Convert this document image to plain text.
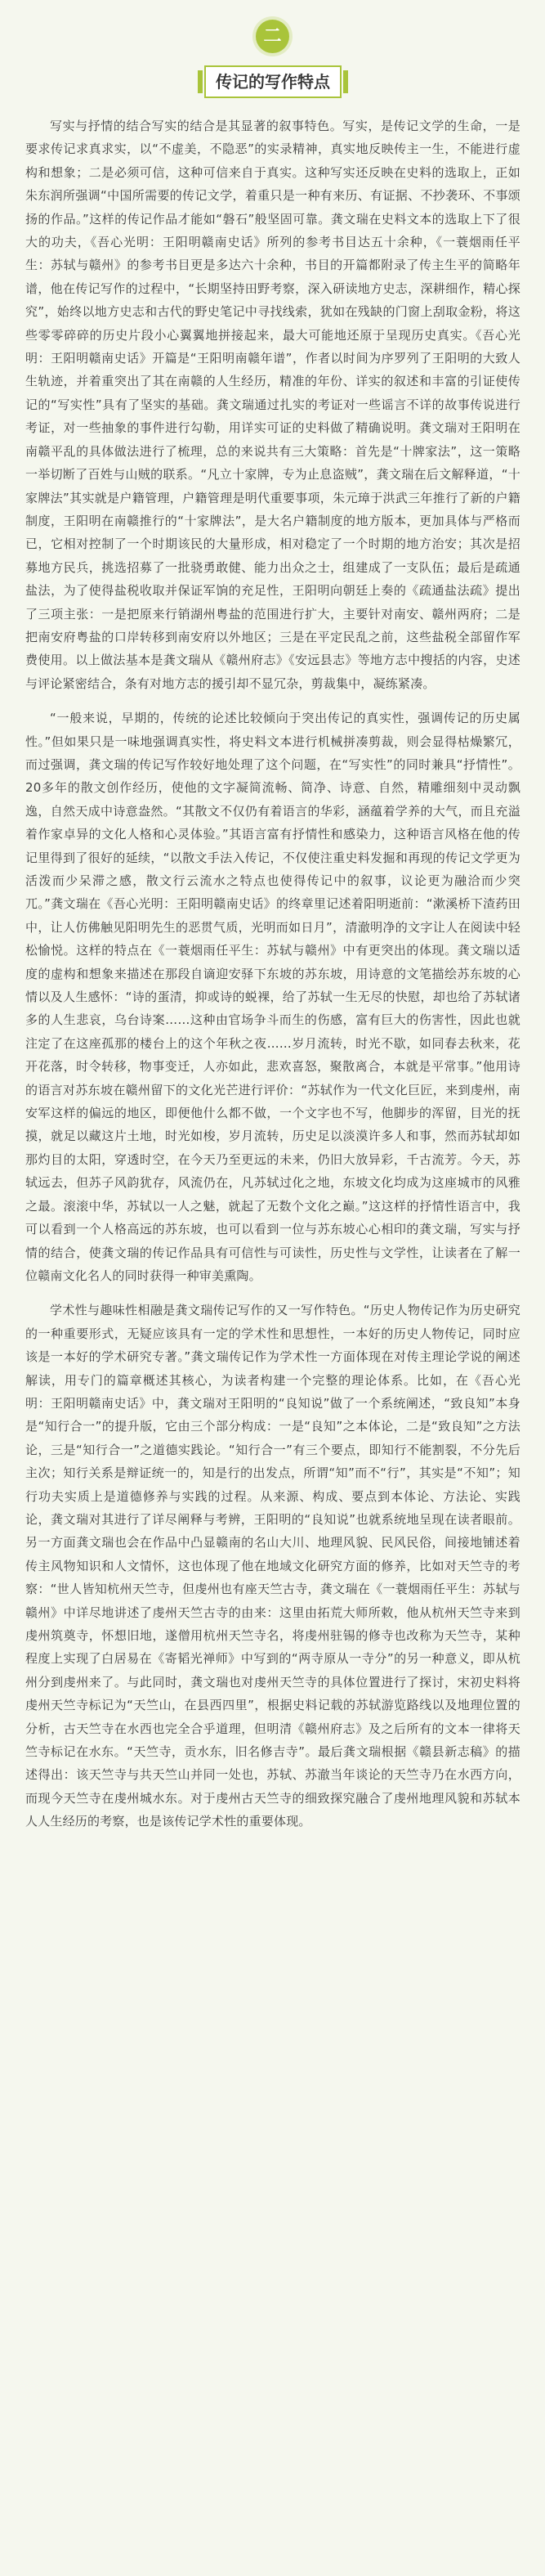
二
传记的写作特点

写实与抒情的结合写实的结合是其显著的叙事特色。写实，是传记文学的生命，一是要求传记求真求实，以“不虚美，不隐恶”的实录精神，真实地反映传主一生，不能进行虚构和想象；二是必须可信，这种可信来自于真实。这种写实还反映在史料的选取上，正如朱东润所强调“中国所需要的传记文学，着重只是一种有来历、有证据、不抄袭环、不事颂扬的作品。”这样的传记作品才能如“磐石”般坚固可靠。龚文瑞在史料文本的选取上下了很大的功夫，《吾心光明：王阳明赣南史话》所列的参考书目达五十余种，《一蓑烟雨任平生：苏轼与赣州》的参考书目更是多达六十余种，书目的开篇都附录了传主生平的简略年谱，他在传记写作的过程中，“长期坚持田野考察，深入研读地方史志，深耕细作，精心探究”，始终以地方史志和古代的野史笔记中寻找线索，犹如在残缺的门窗上刮取金粉，将这些零零碎碎的历史片段小心翼翼地拼接起来，最大可能地还原于呈现历史真实。《吾心光明：王阳明赣南史话》开篇是“王阳明南赣年谱”，作者以时间为序罗列了王阳明的大致人生轨迹，并着重突出了其在南赣的人生经历，精准的年份、详实的叙述和丰富的引证使传记的“写实性”具有了坚实的基础。龚文瑞通过扎实的考证对一些谣言不详的故事传说进行考证，对一些抽象的事件进行勾勒，用详实可证的史料做了精确说明。龚文瑞对王阳明在南赣平乱的具体做法进行了梳理，总的来说共有三大策略：首先是“十牌家法”，这一策略一举切断了百姓与山贼的联系。“凡立十家牌，专为止息盗贼”，龚文瑞在后文解释道，“十家牌法”其实就是户籍管理，户籍管理是明代重要事项，朱元璋于洪武三年推行了新的户籍制度，王阳明在南赣推行的“十家牌法”，是大名户籍制度的地方版本，更加具体与严格而已，它相对控制了一个时期该民的大量形成，相对稳定了一个时期的地方治安；其次是招募地方民兵，挑选招募了一批骁勇敢健、能力出众之士，组建成了一支队伍；最后是疏通盐法，为了使得盐税收取并保证军饷的充足性，王阳明向朝廷上奏的《疏通盐法疏》提出了三项主张：一是把原来行销湖州粤盐的范围进行扩大，主要针对南安、赣州两府；二是把南安府粤盐的口岸转移到南安府以外地区；三是在平定民乱之前，这些盐税全部留作军费使用。以上做法基本是龚文瑞从《赣州府志》《安远县志》等地方志中搜括的内容，史述与评论紧密结合，条有对地方志的援引却不显冗杂，剪裁集中，凝练紧凑。

“一般来说，早期的，传统的论述比较倾向于突出传记的真实性，强调传记的历史属性。”但如果只是一味地强调真实性，将史料文本进行机械拼凑剪裁，则会显得枯燥繁冗，而过强调，龚文瑞的传记写作较好地处理了这个问题，在“写实性”的同时兼具“抒情性”。20多年的散文创作经历，使他的文字凝简流畅、简净、诗意、自然，精雕细刻中灵动飘逸，自然天成中诗意盎然。“其散文不仅仍有着语言的华彩，涵蕴着学养的大气，而且充溢着作家卓异的文化人格和心灵体验。”其语言富有抒情性和感染力，这种语言风格在他的传记里得到了很好的延续，“以散文手法入传记，不仅使注重史料发掘和再现的传记文学更为活泼而少呆滞之感，散文行云流水之特点也使得传记中的叙事，议论更为融洽而少突兀。”龚文瑞在《吾心光明：王阳明赣南史话》的终章里记述着阳明逝前：“漱溪桥下渣药田中，让人仿佛触见阳明先生的恶贯气质，光明而如日月”，清澈明净的文字让人在阅读中轻松愉悦。这样的特点在《一蓑烟雨任平生：苏轼与赣州》中有更突出的体现。龚文瑞以适度的虚构和想象来描述在那段自谪迎安驿下东坡的苏东坡，用诗意的文笔描绘苏东坡的心情以及人生感怀：“诗的蛋清，抑或诗的蜕裸，给了苏轼一生无尽的快慰，却也给了苏轼诸多的人生悲哀，乌台诗案……这种由官场争斗而生的伤感，富有巨大的伤害性，因此也就注定了在这座孤那的楼台上的这个年秋之夜……岁月流转，时光不歇，如同春去秋来，花开花落，时令转移，物事变迁，人亦如此，悲欢喜怒，聚散离合，本就是平常事。”他用诗的语言对苏东坡在赣州留下的文化光芒进行评价：“苏轼作为一代文化巨匠，来到虔州，南安军这样的偏远的地区，即便他什么都不做，一个文字也不写，他脚步的浑留，目光的抚摸，就足以藏这片土地，时光如梭，岁月流转，历史足以淡漠许多人和事，然而苏轼却如那灼目的太阳，穿透时空，在今天乃至更远的未来，仍旧大放异彩，千古流芳。今天，苏轼远去，但苏子风韵犹存，风流仍在，凡苏轼过化之地，东坡文化均成为这座城市的风雅之最。滚滚中华，苏轼以一人之魅，就起了无数个文化之巅。”这这样的抒情性语言中，我可以看到一个人格高远的苏东坡，也可以看到一位与苏东坡心心相印的龚文瑞，写实与抒情的结合，使龚文瑞的传记作品具有可信性与可读性，历史性与文学性，让读者在了解一位赣南文化名人的同时获得一种审美熏陶。

学术性与趣味性相融是龚文瑞传记写作的又一写作特色。“历史人物传记作为历史研究的一种重要形式，无疑应该具有一定的学术性和思想性，一本好的历史人物传记，同时应该是一本好的学术研究专著。”龚文瑞传记作为学术性一方面体现在对传主理论学说的阐述解读，用专门的篇章概述其核心，为读者构建一个完整的理论体系。比如，在《吾心光明：王阳明赣南史话》中，龚文瑞对王阳明的“良知说”做了一个系统阐述，“致良知”本身是“知行合一”的提升版，它由三个部分构成：一是“良知”之本体论，二是“致良知”之方法论，三是“知行合一”之道德实践论。“知行合一”有三个要点，即知行不能割裂，不分先后主次；知行关系是辩证统一的，知是行的出发点，所谓“知”而不“行”，其实是“不知”；知行功夫实质上是道德修养与实践的过程。从来源、构成、要点到本体论、方法论、实践论，龚文瑞对其进行了详尽阐释与考辨，王阳明的“良知说”也就系统地呈现在读者眼前。另一方面龚文瑞也会在作品中凸显赣南的名山大川、地理风貌、民风民俗，间接地铺述着传主风物知识和人文情怀，这也体现了他在地域文化研究方面的修养，比如对天竺寺的考察：“世人皆知杭州天竺寺，但虔州也有座天竺古寺，龚文瑞在《一蓑烟雨任平生：苏轼与赣州》中详尽地讲述了虔州天竺古寺的由来：这里由拓荒大师所敕，他从杭州天竺寺来到虔州筑奠寺，怀想旧地，遂僧用杭州天竺寺名，将虔州驻锡的修寺也改称为天竺寺，某种程度上实现了白居易在《寄韬光禅师》中写到的“两寺原从一寺分”的另一种意义，即从杭州分到虔州来了。与此同时，龚文瑞也对虔州天竺寺的具体位置进行了探讨，宋初史料将虔州天竺寺标记为“天竺山，在县西四里”，根据史料记载的苏轼游览路线以及地理位置的分析，古天竺寺在水西也完全合乎道理，但明清《赣州府志》及之后所有的文本一律将天竺寺标记在水东。“天竺寺，贡水东，旧名修吉寺”。最后龚文瑞根据《赣县新志稿》的描述得出：该天竺寺与共天竺山并同一处也，苏轼、苏澈当年谈论的天竺寺乃在水西方向，而现今天竺寺在虔州城水东。对于虔州古天竺寺的细致探究融合了虔州地理风貌和苏轼本人人生经历的考察，也是该传记学术性的重要体现。
